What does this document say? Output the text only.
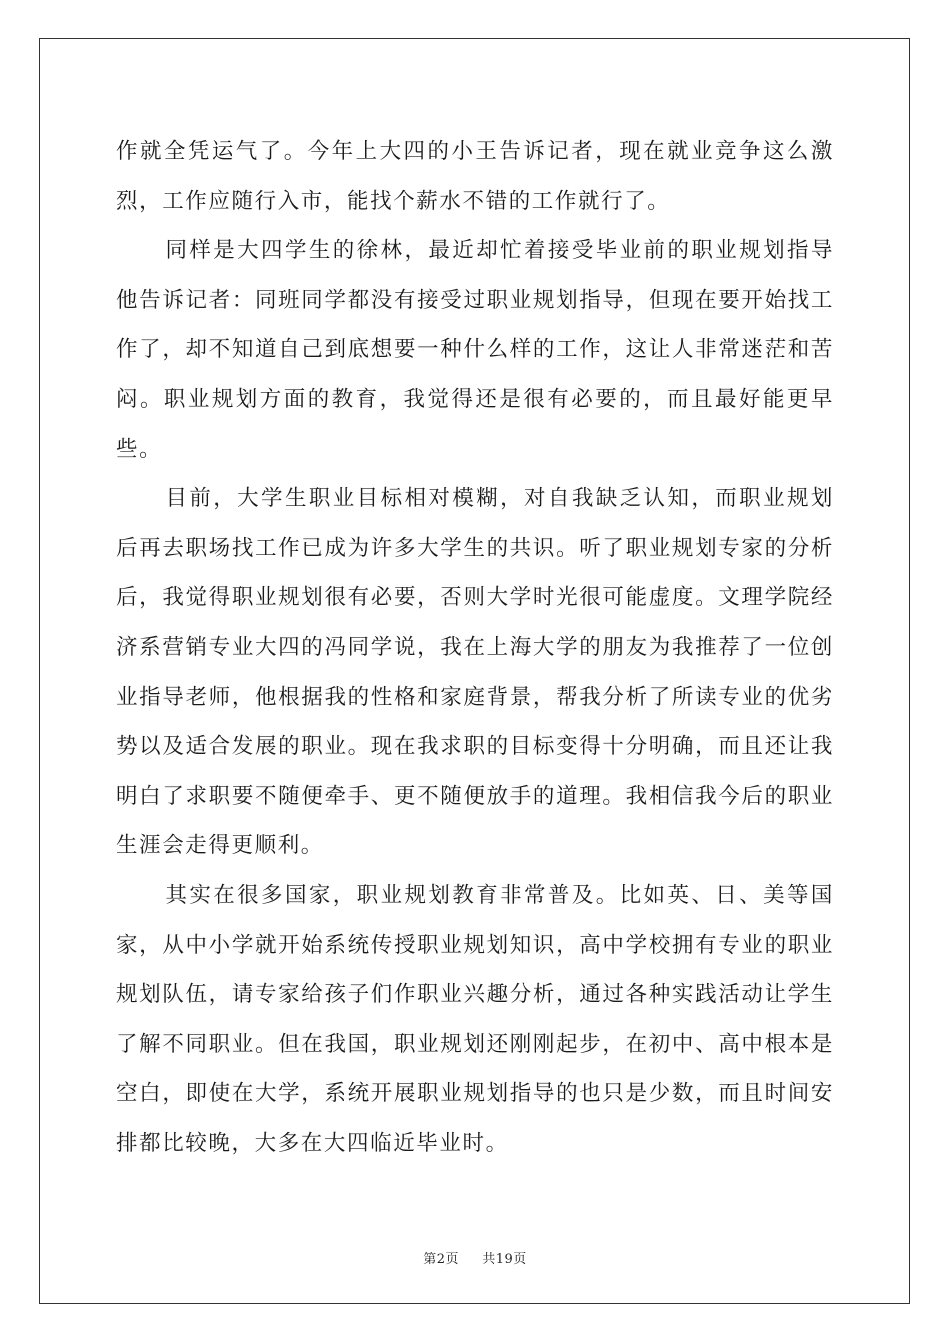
作就全凭运气了。今年上大四的小王告诉记者，现在就业竞争这么激烈，工作应随行入市，能找个薪水不错的工作就行了。

同样是大四学生的徐林，最近却忙着接受毕业前的职业规划指导他告诉记者：同班同学都没有接受过职业规划指导，但现在要开始找工作了，却不知道自己到底想要一种什么样的工作，这让人非常迷茫和苦闷。职业规划方面的教育，我觉得还是很有必要的，而且最好能更早些。

目前，大学生职业目标相对模糊，对自我缺乏认知，而职业规划后再去职场找工作已成为许多大学生的共识。听了职业规划专家的分析后，我觉得职业规划很有必要，否则大学时光很可能虚度。文理学院经济系营销专业大四的冯同学说，我在上海大学的朋友为我推荐了一位创业指导老师，他根据我的性格和家庭背景，帮我分析了所读专业的优劣势以及适合发展的职业。现在我求职的目标变得十分明确，而且还让我明白了求职要不随便牵手、更不随便放手的道理。我相信我今后的职业生涯会走得更顺利。

其实在很多国家，职业规划教育非常普及。比如英、日、美等国家，从中小学就开始系统传授职业规划知识，高中学校拥有专业的职业规划队伍，请专家给孩子们作职业兴趣分析，通过各种实践活动让学生了解不同职业。但在我国，职业规划还刚刚起步，在初中、高中根本是空白，即使在大学，系统开展职业规划指导的也只是少数，而且时间安排都比较晚，大多在大四临近毕业时。

第2页 共19页
